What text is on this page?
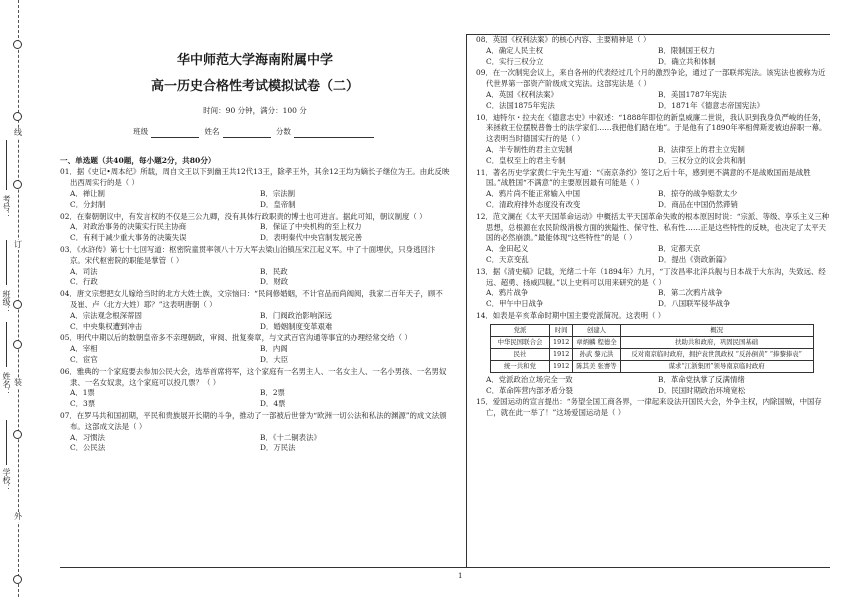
线
订
装
外
考号：
班级：
姓名：
学校：
华中师范大学海南附属中学
高一历史合格性考试模拟试卷（二）
时间：90 分钟，满分：100 分
班级	姓名	分数
一、单选题（共40题，每小题2分，共80分）
01．据《史记•周本纪》所载，周自文王以下到幽王共12代13王，除孝王外，其余12王均为嫡长子继位为王。由此反映出西周实行的是（ ）
A．禅让制	B．宗法制
C．分封制	D．皇帝制
02．在秦朝朝议中，有发言权的不仅是三公九卿，没有具体行政职责的博士也可进言。据此可知，朝议制度（ ）
A．对政治事务的决策实行民主协商	B．保证了中央机构的至上权力
C．有利于减少重大事务的决策失误	D．表明秦代中央官制发展完善
03．《水浒传》第七十七回写道：枢密院童贯率领八十万大军去梁山泊镇压宋江起义军。中了十面埋伏，只身逃回汴京。宋代枢密院的职能是掌管（ ）
A．司法	B．民政
C．行政	D．财政
04．唐文宗想把女儿嫁给当时的北方大姓士族，文宗恼曰：“民间修婚姻，不计官品而尚阀阅，我家二百年天子，顾不及崔、卢（北方大姓）耶？”这表明唐朝（ ）
A．宗法观念根深蒂固	B．门阀政治影响深远
C．中央集权遭到冲击	D．婚姻制度变革艰难
05．明代中期以后的数朝皇帝多不亲理朝政，审阅、批复奏章，与文武百官沟通等事宜的办理经常交给（ ）
A．宰相	B．内阁
C．宦官	D．大臣
06．雅典的一个家庭要去参加公民大会，选举首席将军，这个家庭有一名男主人、一名女主人、一名小男孩、一名男奴隶、一名女奴隶，这个家庭可以投几票？（ ）
A．1票	B．2票
C．3票	D．4票
07．在罗马共和国初期，平民和贵族展开长期的斗争，推动了一部被后世誉为“欧洲一切公法和私法的渊源”的成文法颁布。这部成文法是（ ）
A．习惯法	B．《十二铜表法》
C．公民法	D．万民法
08．英国《权利法案》的核心内容、主要精神是（ ）
A．确定人民主权	B．限制国王权力
C．实行三权分立	D．确立共和体制
09．在一次制宪会议上，来自各州的代表经过几个月的激烈争论，通过了一部联邦宪法。该宪法也被称为近代世界第一部资产阶级成文宪法。这部宪法是（ ）
A．英国《权利法案》	B．美国1787年宪法
C．法国1875年宪法	D．1871年《德意志帝国宪法》
10．迪特尔・拉夫在《德意志史》中叙述：“1888年即位的新皇威廉二世说，我认识到我身负严峻的任务，来拯救王位摆脱普鲁士的法学家们……我把他们踏在地”。于是他有了1890年率相俾斯麦被迫辞职一幕。这表明当时德国实行的是（ ）
A．半专制性的君主立宪制	B．法律至上的君主立宪制
C．皇权至上的君主专制	D．三权分立的议会共和制
11．著名历史学家黄仁宇先生写道：“《南京条约》签订之后十年，感到更不满意的不是战败国而是战胜国。”战胜国“不满意”的主要原因最有可能是（ ）
A．鸦片尚不能正常输入中国	B．掠夺的战争赔款太少
C．清政府排外态度没有改变	D．商品在中国仍然滞销
12．范文澜在《太平天国革命运动》中概括太平天国革命失败的根本原因时说：“宗派、等级、享乐主义三种思想，总根源在农民阶级消极方面的狭隘性、保守性、私有性……正是这些特性的反映，也决定了太平天国的必然崩溃。”最能体现“这些特性”的是（ ）
A．金田起义	B．定都天京
C．天京变乱	D．提出《资政新篇》
13．据《清史稿》记载，光绪二十年（1894年）九月，“丁汝昌率北洋兵舰与日本战于大东沟，失致远、经远、超勇、扬威四舰。”以上史料可以用来研究的是（ ）
A．鸦片战争	B．第二次鸦片战争
C．甲午中日战争	D．八国联军侵华战争
14．如表是辛亥革命时期中国主要党派简况。这表明（ ）
党派	时间	创建人	概况
中华民国联合会	1912	章炳麟 程德全	扶助共和政府，巩固民国基础
民社	1912	孙武 黎元洪	反对南京临时政府，拥护袁世凯政权 “反孙倒黄” “捧黎捧袁”
统一共和党	1912	陈其美 张謇等	谋求“江浙集团”领导南京临时政府
A．党派政治立场完全一致	B．革命党执掌了反满情绪
C．革命阵营内部矛盾分裂	D．民国时期政治环境宽松
15．爱国运动的宣言提出：“务望全国工商各界，一律起来设法开国民大会，外争主权，内除国贼，中国存亡，就在此一举了！”这场爱国运动是（ ）
1
